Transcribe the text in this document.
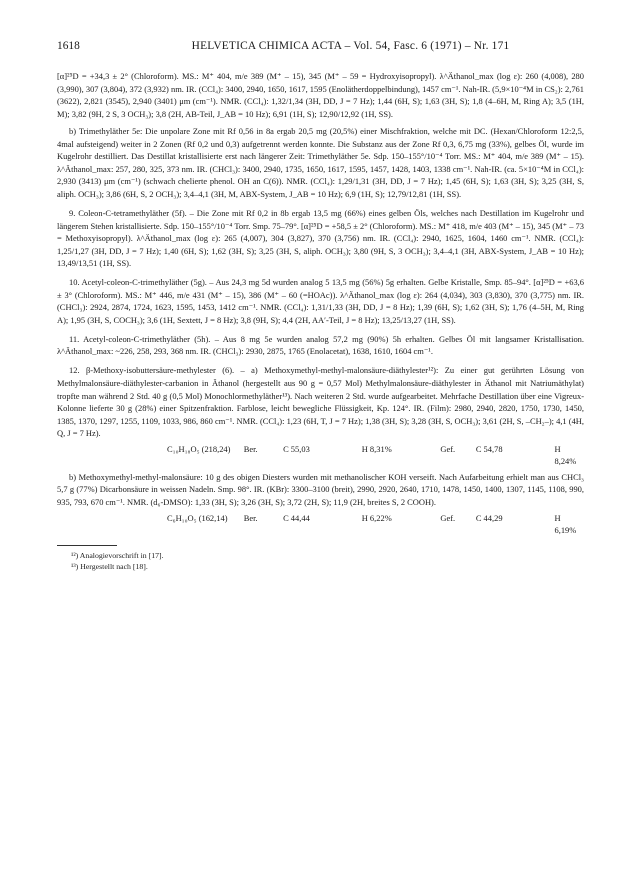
1618	HELVETICA CHIMICA ACTA – Vol. 54, Fasc. 6 (1971) – Nr. 171

[α]²⁵D = +34,3 ± 2° (Chloroform). MS.: M⁺ 404, m/e 389 (M⁺ – 15), 345 (M⁺ – 59 = Hydroxyisopropyl). λ^Äthanol_max (log ε): 260 (4,008), 280 (3,990), 307 (3,804), 372 (3,932) nm. IR. (CCl₄): 3400, 2940, 1650, 1617, 1595 (Enolätherdoppelbindung), 1457 cm⁻¹. Nah-IR. (5,9×10⁻⁴M in CS₂): 2,761 (3622), 2,821 (3545), 2,940 (3401) μm (cm⁻¹). NMR. (CCl₄): 1,32/1,34 (3H, DD, J = 7 Hz); 1,44 (6H, S); 1,63 (3H, S); 1,8 (4–6H, M, Ring A); 3,5 (1H, M); 3,82 (9H, 2 S, 3 OCH₃); 3,8 (2H, AB-Teil, J_AB = 10 Hz); 6,91 (1H, S); 12,90/12,92 (1H, SS).

b) Trimethyläther 5e: Die unpolare Zone mit Rf 0,56 in 8a ergab 20,5 mg (20,5%) einer Mischfraktion, welche mit DC. (Hexan/Chloroform 12:2,5, 4mal aufsteigend) weiter in 2 Zonen (Rf 0,2 und 0,3) aufgetrennt werden konnte. Die Substanz aus der Zone Rf 0,3, 6,75 mg (33%), gelbes Öl, wurde im Kugelrohr destilliert. Das Destillat kristallisierte erst nach längerer Zeit: Trimethyläther 5e. Sdp. 150–155°/10⁻⁴ Torr. MS.: M⁺ 404, m/e 389 (M⁺ – 15). λ^Äthanol_max: 257, 280, 325, 373 nm. IR. (CHCl₃): 3400, 2940, 1735, 1650, 1617, 1595, 1457, 1428, 1403, 1338 cm⁻¹. Nah-IR. (ca. 5×10⁻⁴M in CCl₄): 2,930 (3413) μm (cm⁻¹) (schwach chelierte phenol. OH an C(6)). NMR. (CCl₄): 1,29/1,31 (3H, DD, J = 7 Hz); 1,45 (6H, S); 1,63 (3H, S); 3,25 (3H, S, aliph. OCH₃); 3,86 (6H, S, 2 OCH₃); 3,4–4,1 (3H, M, ABX-System, J_AB = 10 Hz); 6,9 (1H, S); 12,79/12,81 (1H, SS).

9. Coleon-C-tetramethyläther (5f). – Die Zone mit Rf 0,2 in 8b ergab 13,5 mg (66%) eines gelben Öls, welches nach Destillation im Kugelrohr und längerem Stehen kristallisierte. Sdp. 150–155°/10⁻⁴ Torr. Smp. 75–79°. [α]²⁵D = +58,5 ± 2° (Chloroform). MS.: M⁺ 418, m/e 403 (M⁺ – 15), 345 (M⁺ – 73 = Methoxyisopropyl). λ^Äthanol_max (log ε): 265 (4,007), 304 (3,827), 370 (3,756) nm. IR. (CCl₄): 2940, 1625, 1604, 1460 cm⁻¹. NMR. (CCl₄): 1,25/1,27 (3H, DD, J = 7 Hz); 1,40 (6H, S); 1,62 (3H, S); 3,25 (3H, S, aliph. OCH₃); 3,80 (9H, S, 3 OCH₃); 3,4–4,1 (3H, ABX-System, J_AB = 10 Hz); 13,49/13,51 (1H, SS).

10. Acetyl-coleon-C-trimethyläther (5g). – Aus 24,3 mg 5d wurden analog 5 13,5 mg (56%) 5g erhalten. Gelbe Kristalle, Smp. 85–94°. [α]²⁵D = +63,6 ± 3° (Chloroform). MS.: M⁺ 446, m/e 431 (M⁺ – 15), 386 (M⁺ – 60 (=HOAc)). λ^Äthanol_max (log ε): 264 (4,034), 303 (3,830), 370 (3,775) nm. IR. (CHCl₃): 2924, 2874, 1724, 1623, 1595, 1453, 1412 cm⁻¹. NMR. (CCl₄): 1,31/1,33 (3H, DD, J = 8 Hz); 1,39 (6H, S); 1,62 (3H, S); 1,76 (4–5H, M, Ring A); 1,95 (3H, S, COCH₃); 3,6 (1H, Sextett, J = 8 Hz); 3,8 (9H, S); 4,4 (2H, AA′-Teil, J = 8 Hz); 13,25/13,27 (1H, SS).

11. Acetyl-coleon-C-trimethyläther (5h). – Aus 8 mg 5e wurden analog 57,2 mg (90%) 5h erhalten. Gelbes Öl mit langsamer Kristallisation. λ^Äthanol_max: ~226, 258, 293, 368 nm. IR. (CHCl₃): 2930, 2875, 1765 (Enolacetat), 1638, 1610, 1604 cm⁻¹.

12. β-Methoxy-isobuttersäure-methylester (6). – a) Methoxymethyl-methyl-malonsäure-diäthylester¹²): Zu einer gut gerührten Lösung von Methylmalonsäure-diäthylester-carbanion in Äthanol (hergestellt aus 90 g = 0,57 Mol) Methylmalonsäure-diäthylester in Äthanol mit Natriumäthylat) tropfte man während 2 Std. 40 g (0,5 Mol) Monochlormethyläther¹³). Nach weiteren 2 Std. wurde aufgearbeitet. Mehrfache Destillation über eine Vigreux-Kolonne lieferte 30 g (28%) einer Spitzenfraktion. Farblose, leicht bewegliche Flüssigkeit, Kp. 124°. IR. (Film): 2980, 2940, 2820, 1750, 1730, 1450, 1385, 1370, 1297, 1255, 1109, 1033, 986, 860 cm⁻¹. NMR. (CCl₄): 1,23 (6H, T, J = 7 Hz); 1,38 (3H, S); 3,28 (3H, S, OCH₃); 3,61 (2H, S, –CH₂–); 4,1 (4H, Q, J = 7 Hz).

C₁₀H₁₈O₅ (218,24)	Ber.	C 55,03	H 8,31%	Gef.	C 54,78	H 8,24%

b) Methoxymethyl-methyl-malonsäure: 10 g des obigen Diesters wurden mit methanolischer KOH verseift. Nach Aufarbeitung erhielt man aus CHCl₃ 5,7 g (77%) Dicarbonsäure in weissen Nadeln. Smp. 98°. IR. (KBr): 3300–3100 (breit), 2990, 2920, 2640, 1710, 1478, 1450, 1400, 1307, 1145, 1108, 990, 935, 793, 670 cm⁻¹. NMR. (d₆-DMSO): 1,33 (3H, S); 3,26 (3H, S); 3,72 (2H, S); 11,9 (2H, breites S, 2 COOH).

C₆H₁₀O₅ (162,14)	Ber.	C 44,44	H 6,22%	Gef.	C 44,29	H 6,19%

¹²) Analogievorschrift in [17].

¹³) Hergestellt nach [18].
